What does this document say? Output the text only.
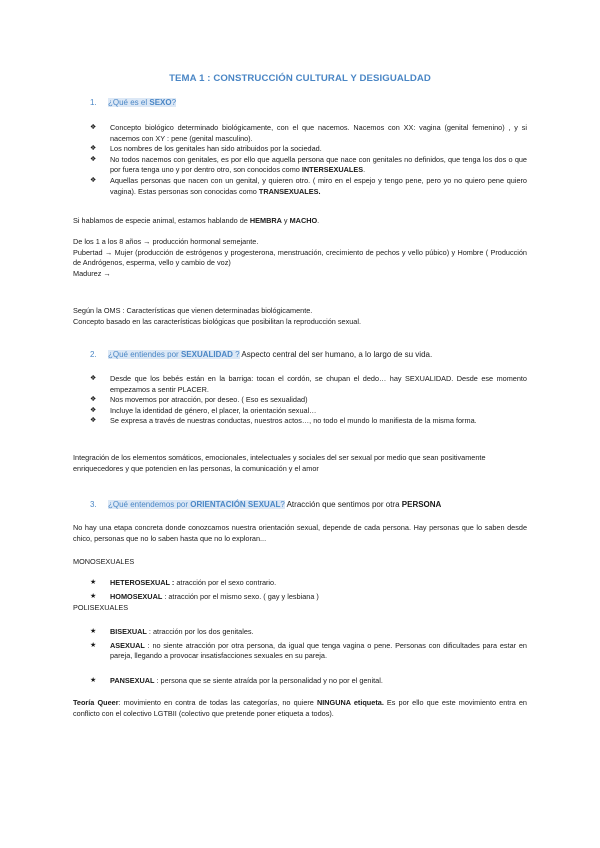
TEMA 1 : CONSTRUCCIÓN CULTURAL Y DESIGUALDAD
1. ¿Qué es el SEXO?
❖ Concepto biológico determinado biológicamente, con el que nacemos. Nacemos con XX: vagina (genital femenino) , y si nacemos con XY : pene (genital masculino).
❖ Los nombres de los genitales han sido atribuidos por la sociedad.
❖ No todos nacemos con genitales, es por ello que aquella persona que nace con genitales no definidos, que tenga los dos o que por fuera tenga uno y por dentro otro, son conocidos como INTERSEXUALES.
❖ Aquellas personas que nacen con un genital, y quieren otro. ( miro en el espejo y tengo pene, pero yo no quiero pene quiero vagina). Estas personas son conocidas como TRANSEXUALES.
Si hablamos de especie animal, estamos hablando de HEMBRA y MACHO.
De los 1 a los 8 años → producción hormonal semejante.
Pubertad → Mujer (producción de estrógenos y progesterona, menstruación, crecimiento de pechos y vello púbico) y Hombre ( Producción de Andrógenos, esperma, vello y cambio de voz)
Madurez →
Según la OMS : Características que vienen determinadas biológicamente.
Concepto basado en las características biológicas que posibilitan la reproducción sexual.
2. ¿Qué entiendes por SEXUALIDAD ? Aspecto central del ser humano, a lo largo de su vida.
❖ Desde que los bebés están en la barriga: tocan el cordón, se chupan el dedo… hay SEXUALIDAD. Desde ese momento empezamos a sentir PLACER.
❖ Nos movemos por atracción, por deseo. ( Eso es sexualidad)
❖ Incluye la identidad de género, el placer, la orientación sexual…
❖ Se expresa a través de nuestras conductas, nuestros actos…, no todo el mundo lo manifiesta de la misma forma.
Integración de los elementos somáticos, emocionales, intelectuales y sociales del ser sexual por medio que sean positivamente enriquecedores y que potencien en las personas, la comunicación y el amor
3. ¿Qué entendemos por ORIENTACIÓN SEXUAL? Atracción que sentimos por otra PERSONA
No hay una etapa concreta donde conozcamos nuestra orientación sexual, depende de cada persona. Hay personas que lo saben desde chico, personas que no lo saben hasta que no lo exploran...
MONOSEXUALES
★ HETEROSEXUAL : atracción por el sexo contrario.
★ HOMOSEXUAL : atracción por el mismo sexo. ( gay y lesbiana )
POLISEXUALES
★ BISEXUAL : atracción por los dos genitales.
★ ASEXUAL : no siente atracción por otra persona, da igual que tenga vagina o pene. Personas con dificultades para estar en pareja, llegando a provocar insatisfacciones sexuales en su pareja.
★ PANSEXUAL : persona que se siente atraída por la personalidad y no por el genital.
Teoría Queer: movimiento en contra de todas las categorías, no quiere NINGUNA etiqueta. Es por ello que este movimiento entra en conflicto con el colectivo LGTBII (colectivo que pretende poner etiqueta a todos).
